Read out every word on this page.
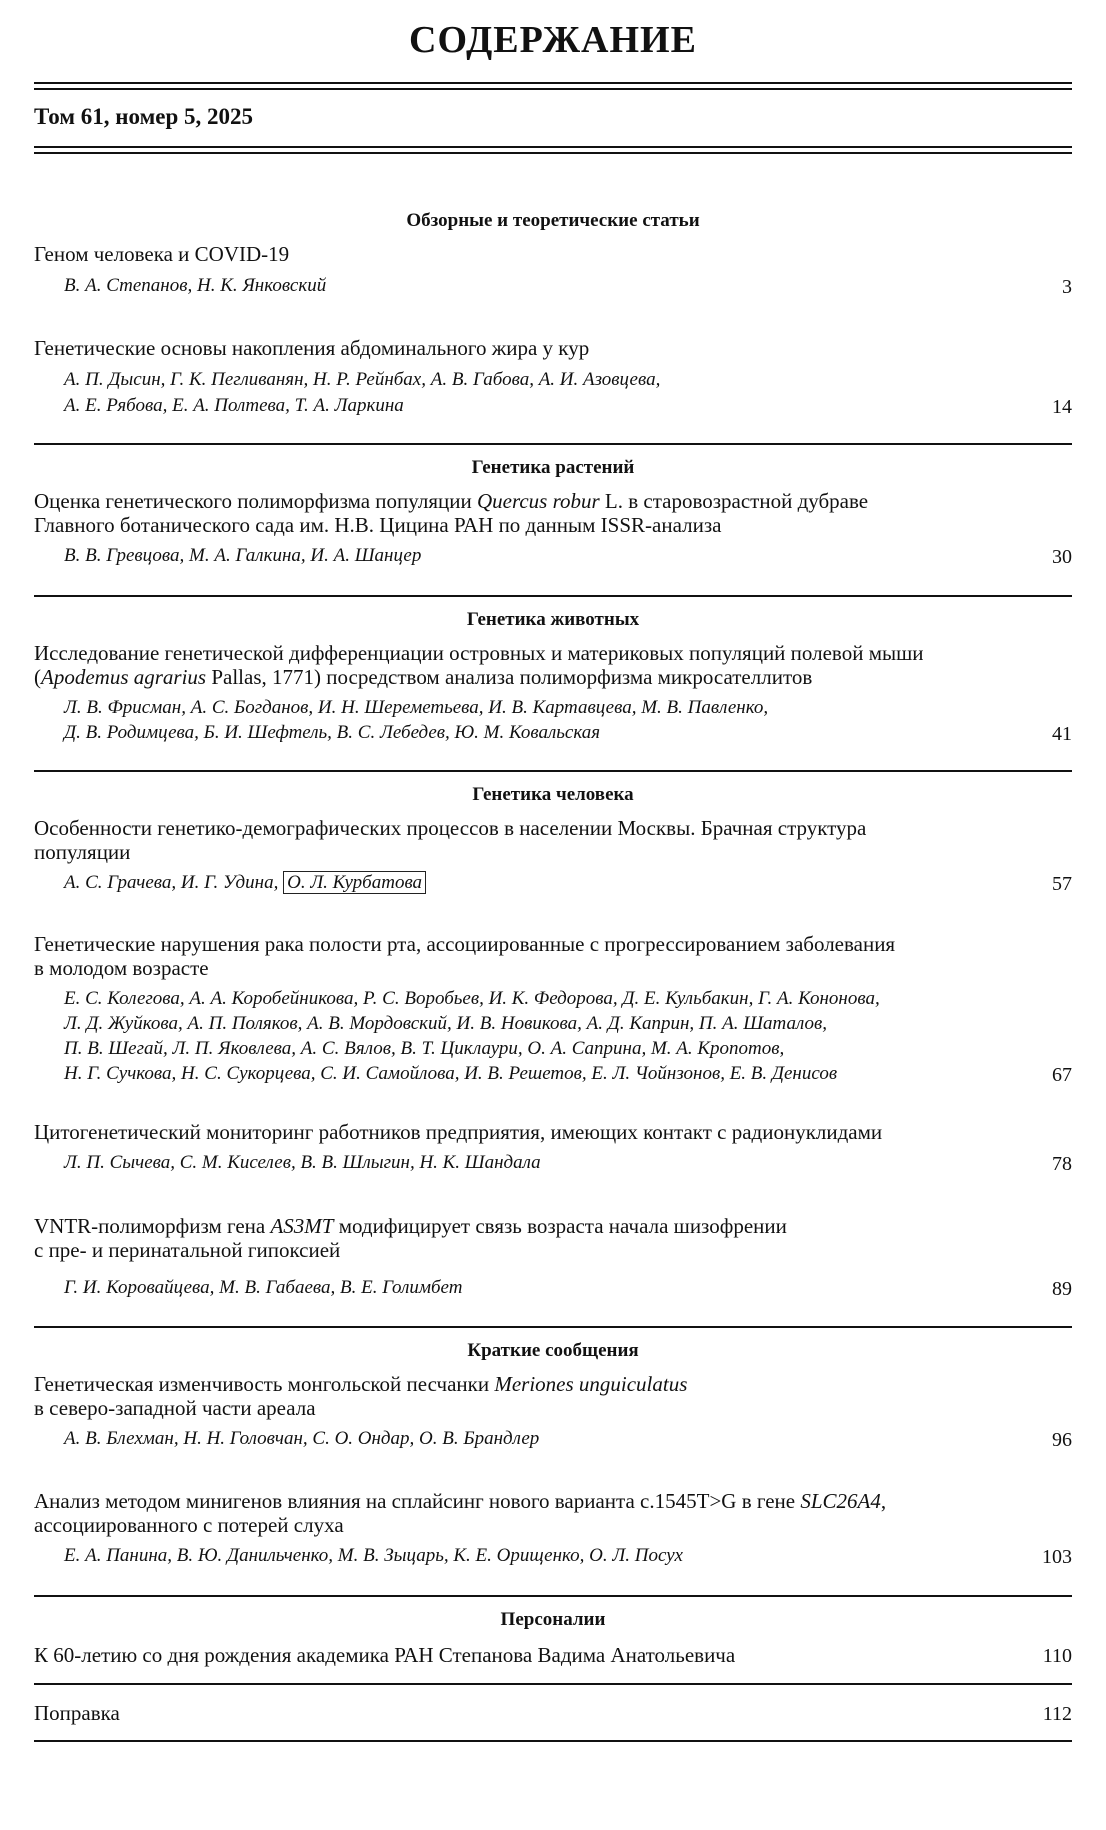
СОДЕРЖАНИЕ
Том 61, номер 5, 2025
Обзорные и теоретические статьи
Геном человека и COVID-19
В. А. Степанов, Н. К. Янковский	3
Генетические основы накопления абдоминального жира у кур
А. П. Дысин, Г. К. Пегливанян, Н. Р. Рейнбах, А. В. Габова, А. И. Азовцева,
А. Е. Рябова, Е. А. Полтева, Т. А. Ларкина	14
Генетика растений
Оценка генетического полиморфизма популяции Quercus robur L. в старовозрастной дубраве
Главного ботанического сада им. Н.В. Цицина РАН по данным ISSR-анализа
В. В. Гревцова, М. А. Галкина, И. А. Шанцер	30
Генетика животных
Исследование генетической дифференциации островных и материковых популяций полевой мыши
(Apodemus agrarius Pallas, 1771) посредством анализа полиморфизма микросателлитов
Л. В. Фрисман, А. С. Богданов, И. Н. Шереметьева, И. В. Картавцева, М. В. Павленко,
Д. В. Родимцева, Б. И. Шефтель, В. С. Лебедев, Ю. М. Ковальская	41
Генетика человека
Особенности генетико-демографических процессов в населении Москвы. Брачная структура
популяции
А. С. Грачева, И. Г. Удина, О. Л. Курбатова	57
Генетические нарушения рака полости рта, ассоциированные с прогрессированием заболевания
в молодом возрасте
Е. С. Колегова, А. А. Коробейникова, Р. С. Воробьев, И. К. Федорова, Д. Е. Кульбакин, Г. А. Кононова,
Л. Д. Жуйкова, А. П. Поляков, А. В. Мордовский, И. В. Новикова, А. Д. Каприн, П. А. Шаталов,
П. В. Шегай, Л. П. Яковлева, А. С. Вялов, В. Т. Циклаури, О. А. Саприна, М. А. Кропотов,
Н. Г. Сучкова, Н. С. Сукорцева, С. И. Самойлова, И. В. Решетов, Е. Л. Чойнзонов, Е. В. Денисов	67
Цитогенетический мониторинг работников предприятия, имеющих контакт с радионуклидами
Л. П. Сычева, С. М. Киселев, В. В. Шлыгин, Н. К. Шандала	78
VNTR-полиморфизм гена AS3MT модифицирует связь возраста начала шизофрении
с пре- и перинатальной гипоксией
Г. И. Коровайцева, М. В. Габаева, В. Е. Голимбет	89
Краткие сообщения
Генетическая изменчивость монгольской песчанки Meriones unguiculatus
в северо-западной части ареала
А. В. Блехман, Н. Н. Головчан, С. О. Ондар, О. В. Брандлер	96
Анализ методом минигенов влияния на сплайсинг нового варианта c.1545T>G в гене SLC26A4,
ассоциированного с потерей слуха
Е. А. Панина, В. Ю. Данильченко, М. В. Зыцарь, К. Е. Орищенко, О. Л. Посух	103
Персоналии
К 60-летию со дня рождения академика РАН Степанова Вадима Анатольевича	110
Поправка	112
